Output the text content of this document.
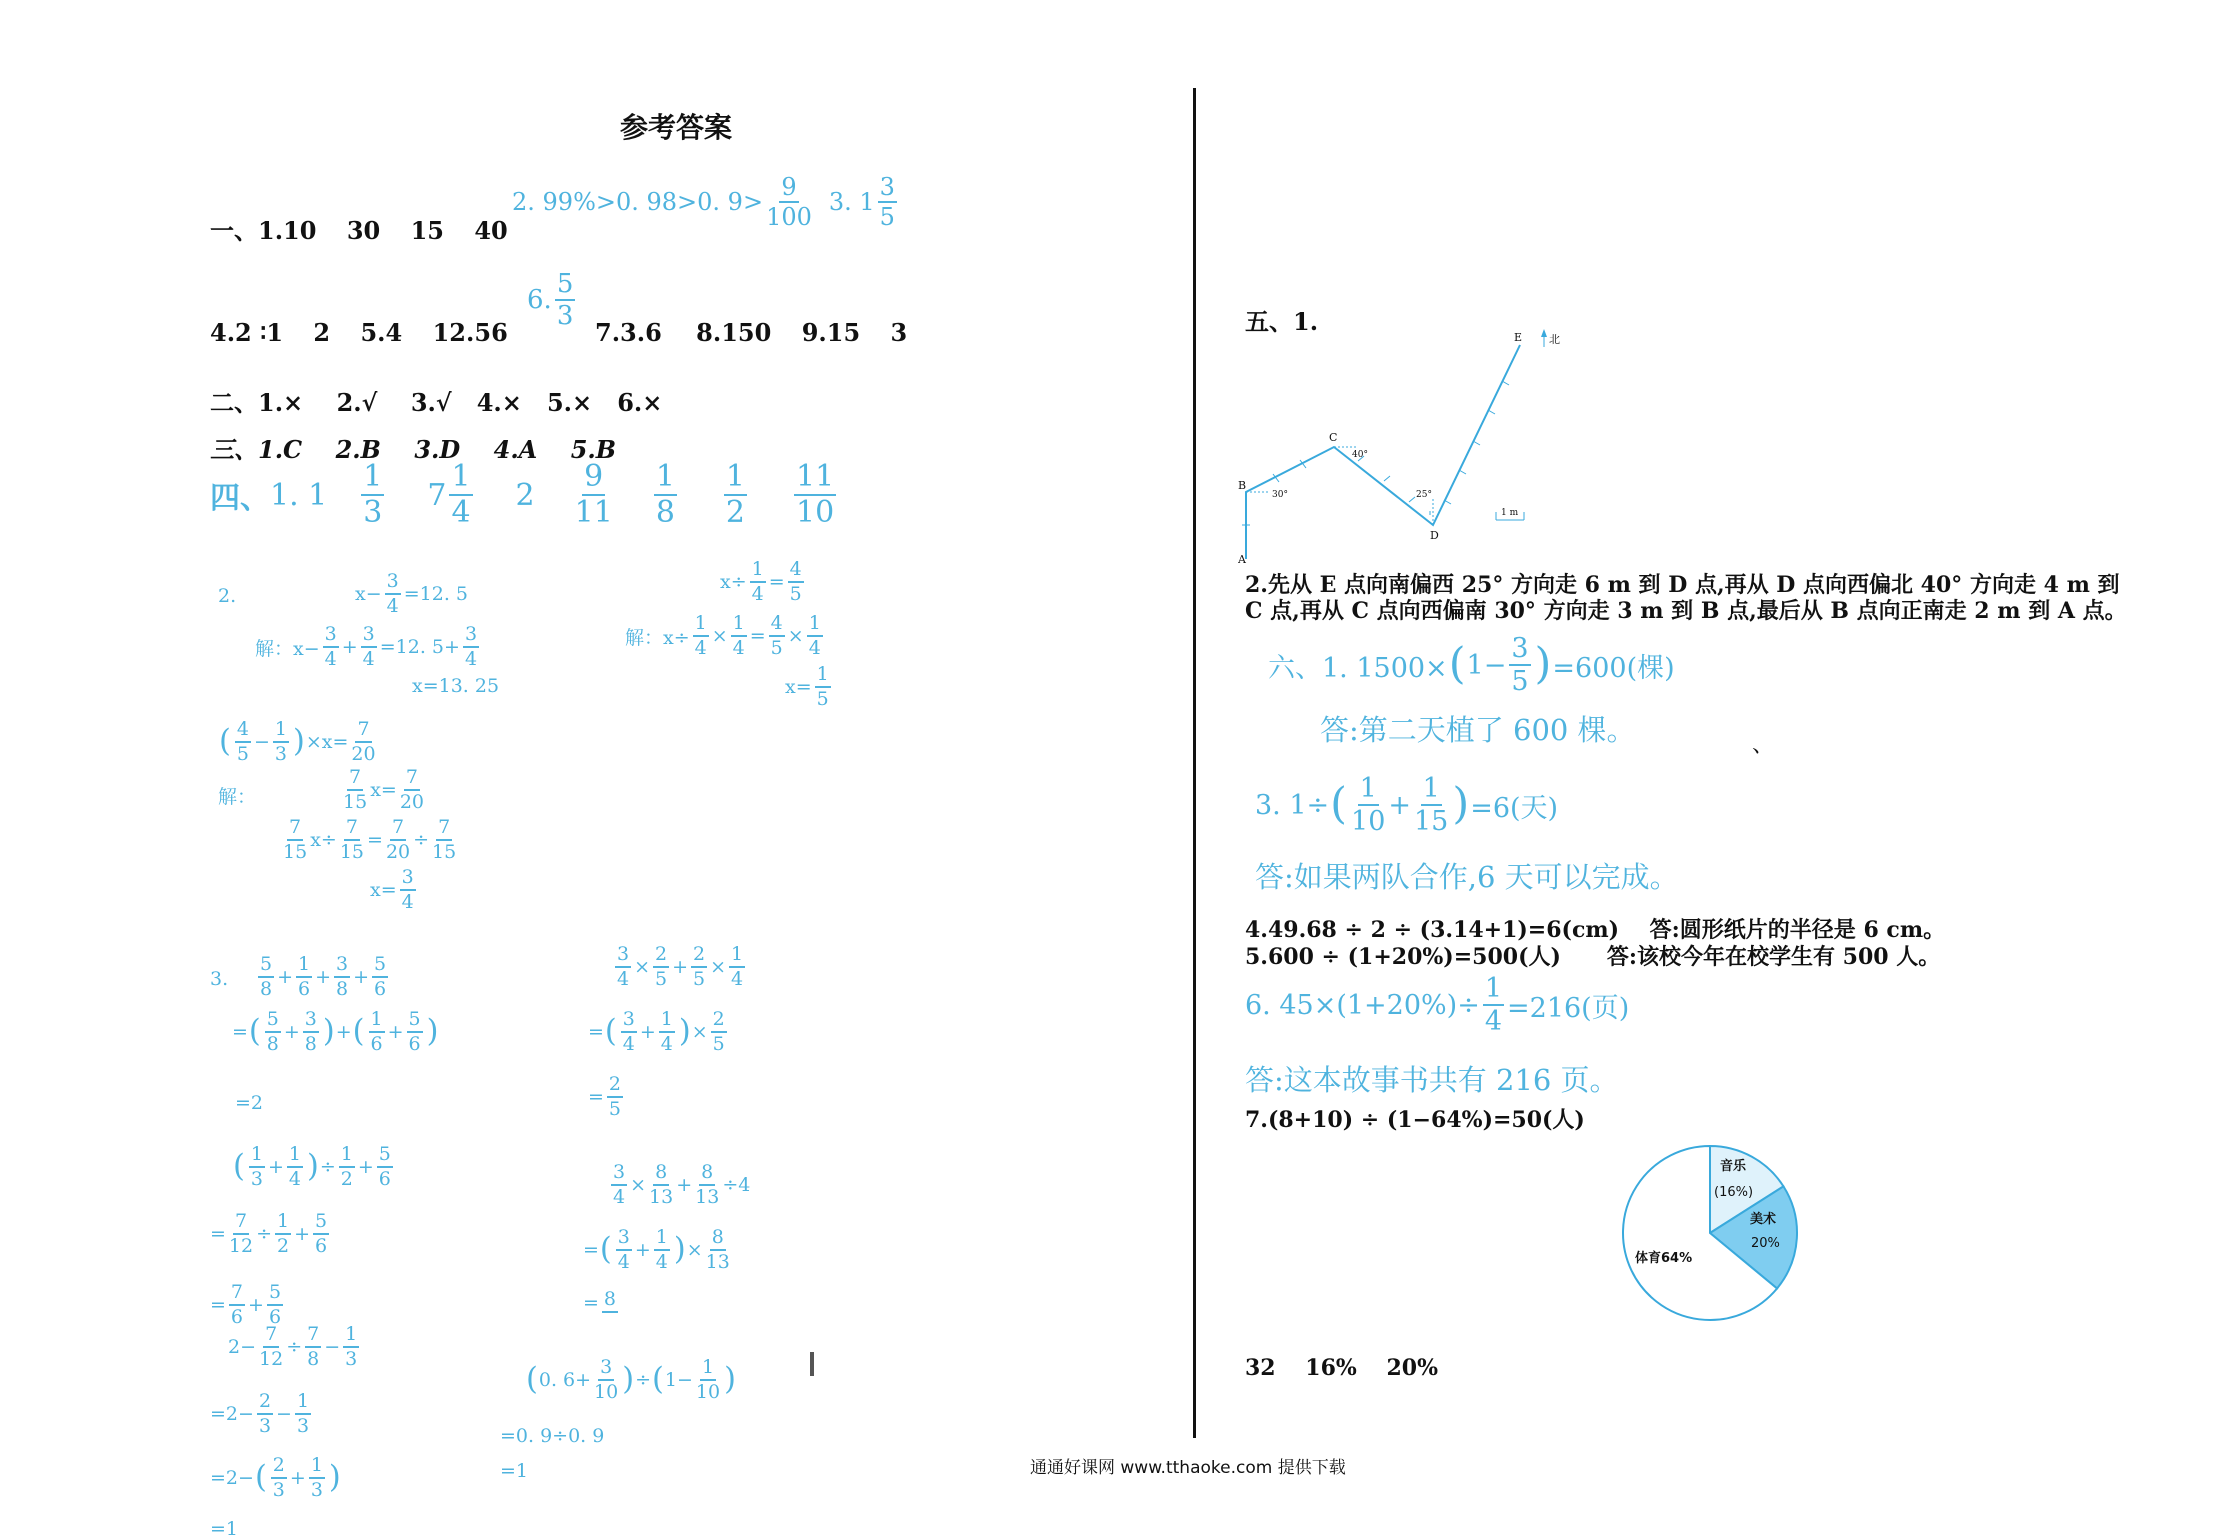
参考答案
一、1.10 30 15 40
2. 99%>0. 98>0. $9> \frac{9}{100} 3$. $1 \frac{3}{5}$
4.2 ∶1 2 5.4 12.56
6. $\frac{5}{3}$
7.3.6 8.150 9.15 3
二、1.×    2.√    3.√   4.×   5.×   6.×
三、1.C    2.B    3.D    4.A    5.B
四、 1. $1 \frac{1}{3} 7 \frac{1}{4} 2 \frac{9}{11} \frac{1}{8} \frac{1}{2} \frac{11}{10}$
2.	$x- \frac{3}{4} =12$. 5
解：$x- \frac{3}{4} + \frac{3}{4} =12$. $5+ \frac{3}{4}$
x=13. 25
$x\div \frac{1}{4} = \frac{4}{5}$
解：$x\div \frac{1}{4} \times \frac{1}{4} = \frac{4}{5} \times \frac{1}{4}$
$x= \frac{1}{5}$
( $\frac{4}{5} - \frac{1}{3}$ ) $\times x= \frac{7}{20}$
解：	$\frac{7}{15} x= \frac{7}{20}$
$\frac{7}{15} x\div \frac{7}{15} = \frac{7}{20} \div \frac{7}{15}$
$x= \frac{3}{4}$
3. $\frac{5}{8} + \frac{1}{6} + \frac{3}{8} + \frac{5}{6}$
= ( $\frac{5}{8} + \frac{3}{8}$ ) + ( $\frac{1}{6} + \frac{5}{6}$ )
=2
$\frac{3}{4} \times \frac{2}{5} + \frac{2}{5} \times \frac{1}{4}$
= ( $\frac{3}{4} + \frac{1}{4}$ ) × $\frac{2}{5}$
= $\frac{2}{5}$
( $\frac{1}{3} + \frac{1}{4}$ ) ÷ $\frac{1}{2} + \frac{5}{6}$
= $\frac{7}{12} \div \frac{1}{2} + \frac{5}{6}$
= $\frac{7}{6} + \frac{5}{6}$
$\frac{3}{4} \times \frac{8}{13} + \frac{8}{13} \div 4$
= ( $\frac{3}{4} + \frac{1}{4}$ ) × $\frac{8}{13}$
= 8
$2- \frac{7}{12} \div \frac{7}{8} - \frac{1}{3}$
$=2- \frac{2}{3} - \frac{1}{3}$
=2− ( $\frac{2}{3} + \frac{1}{3}$ )
=1
( 0. $6+ \frac{3}{10}$ ) ÷ ( $1- \frac{1}{10}$ )
=0. 9÷0. 9
=1
五、1.
E 北
C
40°
B
30°
A
D
25°
1 m
2.先从 E 点向南偏西 25° 方向走 6 m 到 D 点,再从 D 点向西偏北 40° 方向走 4 m 到
C 点,再从 C 点向西偏南 30° 方向走 3 m 到 B 点,最后从 B 点向正南走 2 m 到 A 点。
六、1. 1500× ( $1- \frac{3}{5}$ ) =600(棵)
答:第二天植了 600 棵。	、
3. 1÷ ( $\frac{1}{10} + \frac{1}{15}$ ) =6(天)
答:如果两队合作,6 天可以完成。
4.49.68 ÷ 2 ÷ (3.14+1)=6(cm)    答:圆形纸片的半径是 6 cm。
5.600 ÷ (1+20%)=500(人)      答:该校今年在校学生有 500 人。
6. $45\times(1+20\%)\div \frac{1}{4} =216$(页)
答:这本故事书共有 216 页。
7.(8+10) ÷ (1−64%)=50(人)
音乐
(16%)
美术
20%
体育64%
32 16% 20%
通通好课网 www.tthaoke.com 提供下载
